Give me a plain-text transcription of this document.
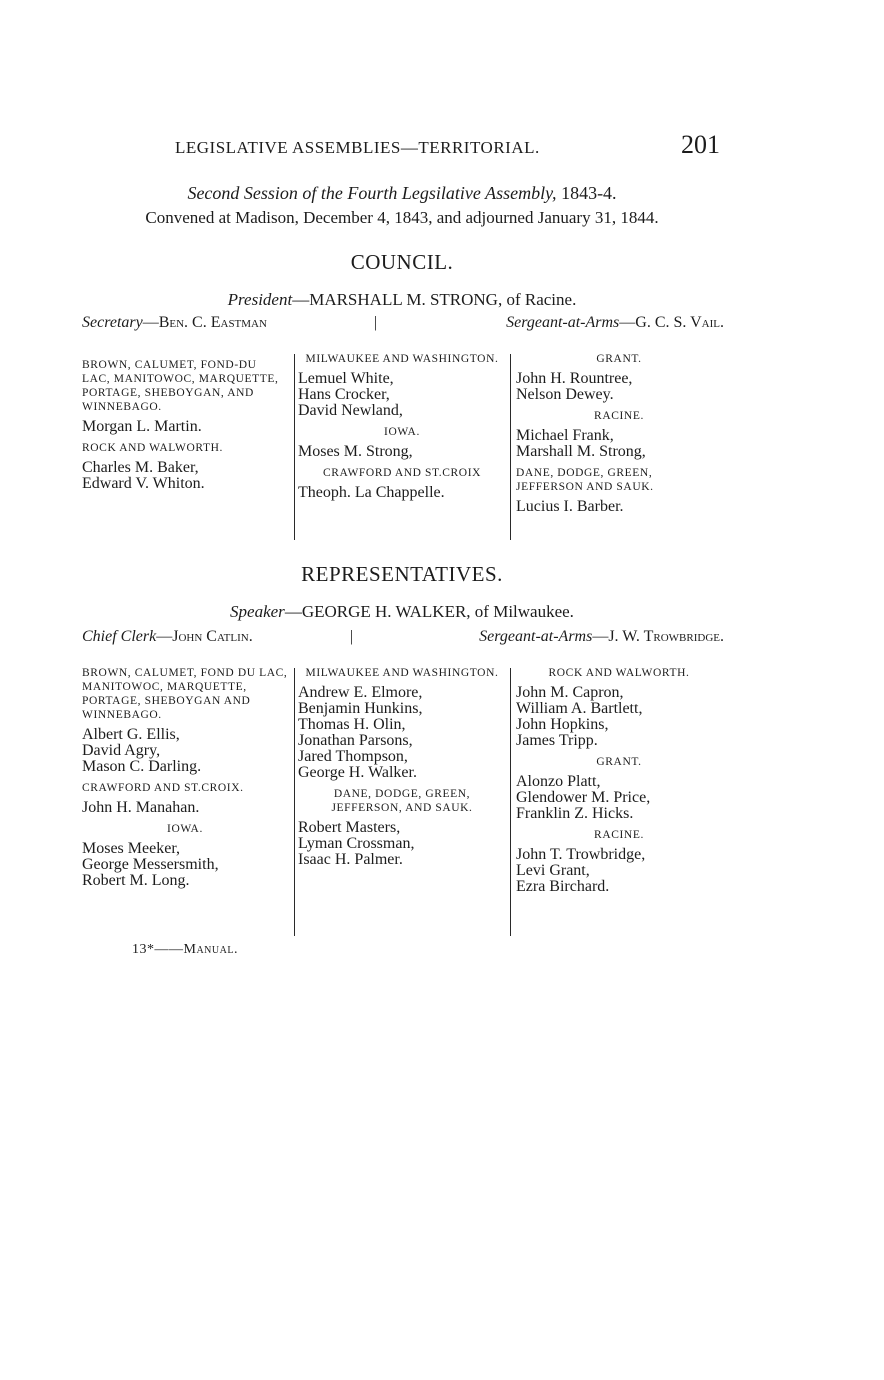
LEGISLATIVE ASSEMBLIES—TERRITORIAL.	201
Second Session of the Fourth Legsilative Assembly, 1843-4.
Convened at Madison, December 4, 1843, and adjourned January 31, 1844.
COUNCIL.
President—MARSHALL M. STRONG, of Racine.
Secretary—Ben. C. Eastman	|	Sergeant-at-Arms—G. C. S. Vail.
BROWN, CALUMET, FOND-DU LAC, MANITOWOC, MARQUETTE, PORTAGE, SHEBOYGAN, AND WINNEBAGO.
Morgan L. Martin.
ROCK AND WALWORTH.
Charles M. Baker,
Edward V. Whiton.
MILWAUKEE AND WASHINGTON.
Lemuel White,
Hans Crocker,
David Newland,
IOWA.
Moses M. Strong,
CRAWFORD AND ST.CROIX
Theoph. La Chappelle.
GRANT.
John H. Rountree,
Nelson Dewey.
RACINE.
Michael Frank,
Marshall M. Strong,
DANE, DODGE, GREEN, JEFFERSON AND SAUK.
Lucius I. Barber.
REPRESENTATIVES.
Speaker—GEORGE H. WALKER, of Milwaukee.
Chief Clerk—John Catlin.	|	Sergeant-at-Arms—J. W. Trowbridge.
BROWN, CALUMET, FOND DU LAC, MANITOWOC, MARQUETTE, PORTAGE, SHEBOYGAN AND WINNEBAGO.
Albert G. Ellis,
David Agry,
Mason C. Darling.
CRAWFORD AND ST.CROIX.
John H. Manahan.
IOWA.
Moses Meeker,
George Messersmith,
Robert M. Long.
MILWAUKEE AND WASHINGTON.
Andrew E. Elmore,
Benjamin Hunkins,
Thomas H. Olin,
Jonathan Parsons,
Jared Thompson,
George H. Walker.
DANE, DODGE, GREEN, JEFFERSON, AND SAUK.
Robert Masters,
Lyman Crossman,
Isaac H. Palmer.
ROCK AND WALWORTH.
John M. Capron,
William A. Bartlett,
John Hopkins,
James Tripp.
GRANT.
Alonzo Platt,
Glendower M. Price,
Franklin Z. Hicks.
RACINE.
John T. Trowbridge,
Levi Grant,
Ezra Birchard.
13*——Manual.
